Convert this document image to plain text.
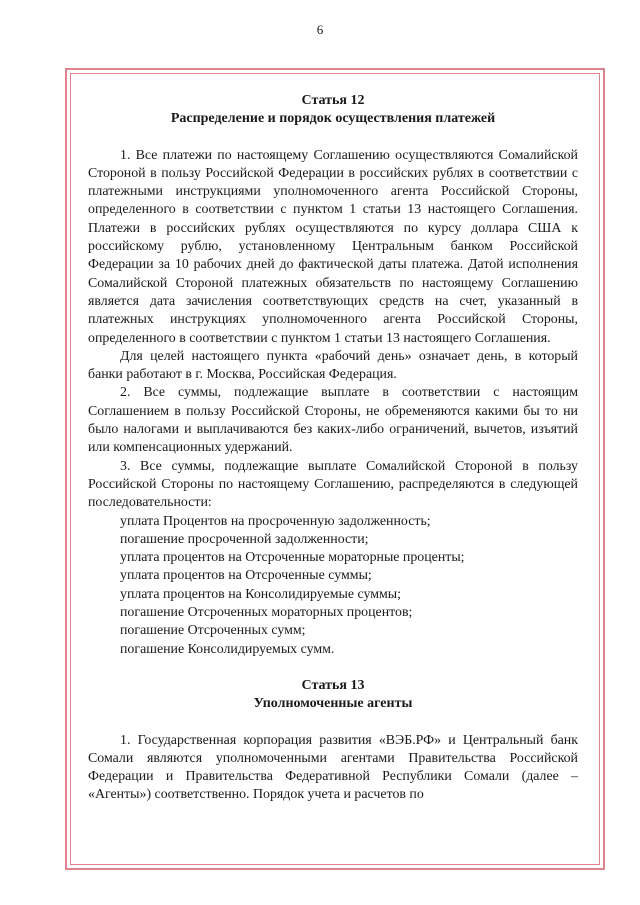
6

Статья 12

Распределение и порядок осуществления платежей

1. Все платежи по настоящему Соглашению осуществляются Сомалийской Стороной в пользу Российской Федерации в российских рублях в соответствии с платежными инструкциями уполномоченного агента Российской Стороны, определенного в соответствии с пунктом 1 статьи 13 настоящего Соглашения. Платежи в российских рублях осуществляются по курсу доллара США к российскому рублю, установленному Центральным банком Российской Федерации за 10 рабочих дней до фактической даты платежа. Датой исполнения Сомалийской Стороной платежных обязательств по настоящему Соглашению является дата зачисления соответствующих средств на счет, указанный в платежных инструкциях уполномоченного агента Российской Стороны, определенного в соответствии с пунктом 1 статьи 13 настоящего Соглашения.

Для целей настоящего пункта «рабочий день» означает день, в который банки работают в г. Москва, Российская Федерация.

2. Все суммы, подлежащие выплате в соответствии с настоящим Соглашением в пользу Российской Стороны, не обременяются какими бы то ни было налогами и выплачиваются без каких-либо ограничений, вычетов, изъятий или компенсационных удержаний.

3. Все суммы, подлежащие выплате Сомалийской Стороной в пользу Российской Стороны по настоящему Соглашению, распределяются в следующей последовательности:

уплата Процентов на просроченную задолженность;
погашение просроченной задолженности;
уплата процентов на Отсроченные мораторные проценты;
уплата процентов на Отсроченные суммы;
уплата процентов на Консолидируемые суммы;
погашение Отсроченных мораторных процентов;
погашение Отсроченных сумм;
погашение Консолидируемых сумм.

Статья 13

Уполномоченные агенты

1. Государственная корпорация развития «ВЭБ.РФ» и Центральный банк Сомали являются уполномоченными агентами Правительства Российской Федерации и Правительства Федеративной Республики Сомали (далее – «Агенты») соответственно. Порядок учета и расчетов по
